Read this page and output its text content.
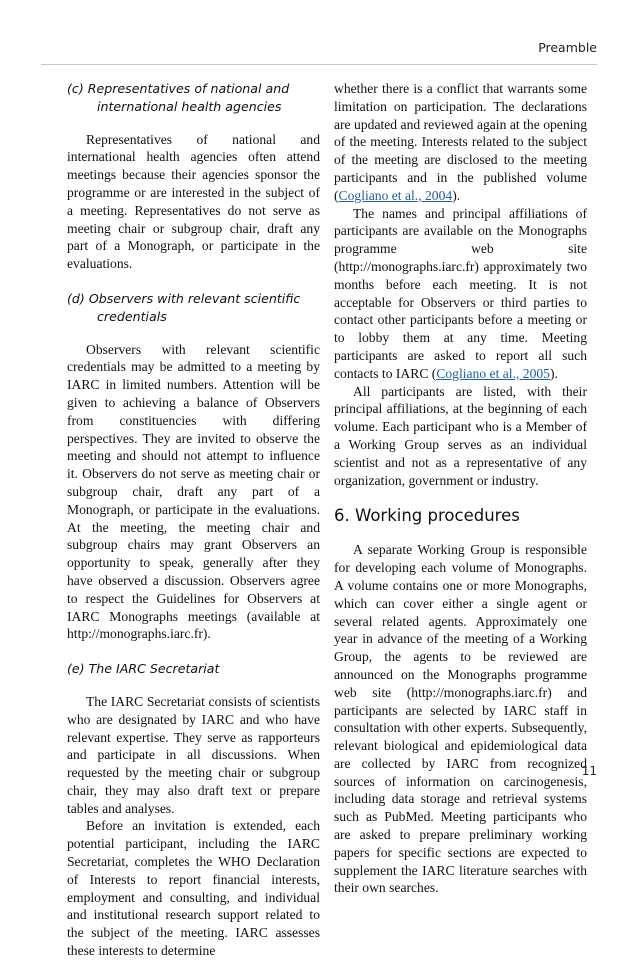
Preamble
(c) Representatives of national and international health agencies

Representatives of national and international health agencies often attend meetings because their agencies sponsor the programme or are interested in the subject of a meeting. Representatives do not serve as meeting chair or subgroup chair, draft any part of a Monograph, or participate in the evaluations.

(d) Observers with relevant scientific credentials

Observers with relevant scientific credentials may be admitted to a meeting by IARC in limited numbers. Attention will be given to achieving a balance of Observers from constituencies with differing perspectives. They are invited to observe the meeting and should not attempt to influence it. Observers do not serve as meeting chair or subgroup chair, draft any part of a Monograph, or participate in the evaluations. At the meeting, the meeting chair and subgroup chairs may grant Observers an opportunity to speak, generally after they have observed a discussion. Observers agree to respect the Guidelines for Observers at IARC Monographs meetings (available at http://monographs.iarc.fr).

(e) The IARC Secretariat

The IARC Secretariat consists of scientists who are designated by IARC and who have relevant expertise. They serve as rapporteurs and participate in all discussions. When requested by the meeting chair or subgroup chair, they may also draft text or prepare tables and analyses.

Before an invitation is extended, each potential participant, including the IARC Secretariat, completes the WHO Declaration of Interests to report financial interests, employment and consulting, and individual and institutional research support related to the subject of the meeting. IARC assesses these interests to determine

whether there is a conflict that warrants some limitation on participation. The declarations are updated and reviewed again at the opening of the meeting. Interests related to the subject of the meeting are disclosed to the meeting participants and in the published volume (Cogliano et al., 2004).

The names and principal affiliations of participants are available on the Monographs programme web site (http://monographs.iarc.fr) approximately two months before each meeting. It is not acceptable for Observers or third parties to contact other participants before a meeting or to lobby them at any time. Meeting participants are asked to report all such contacts to IARC (Cogliano et al., 2005).

All participants are listed, with their principal affiliations, at the beginning of each volume. Each participant who is a Member of a Working Group serves as an individual scientist and not as a representative of any organization, government or industry.

6. Working procedures

A separate Working Group is responsible for developing each volume of Monographs. A volume contains one or more Monographs, which can cover either a single agent or several related agents. Approximately one year in advance of the meeting of a Working Group, the agents to be reviewed are announced on the Monographs programme web site (http://monographs.iarc.fr) and participants are selected by IARC staff in consultation with other experts. Subsequently, relevant biological and epidemiological data are collected by IARC from recognized sources of information on carcinogenesis, including data storage and retrieval systems such as PubMed. Meeting participants who are asked to prepare preliminary working papers for specific sections are expected to supplement the IARC literature searches with their own searches.

11
